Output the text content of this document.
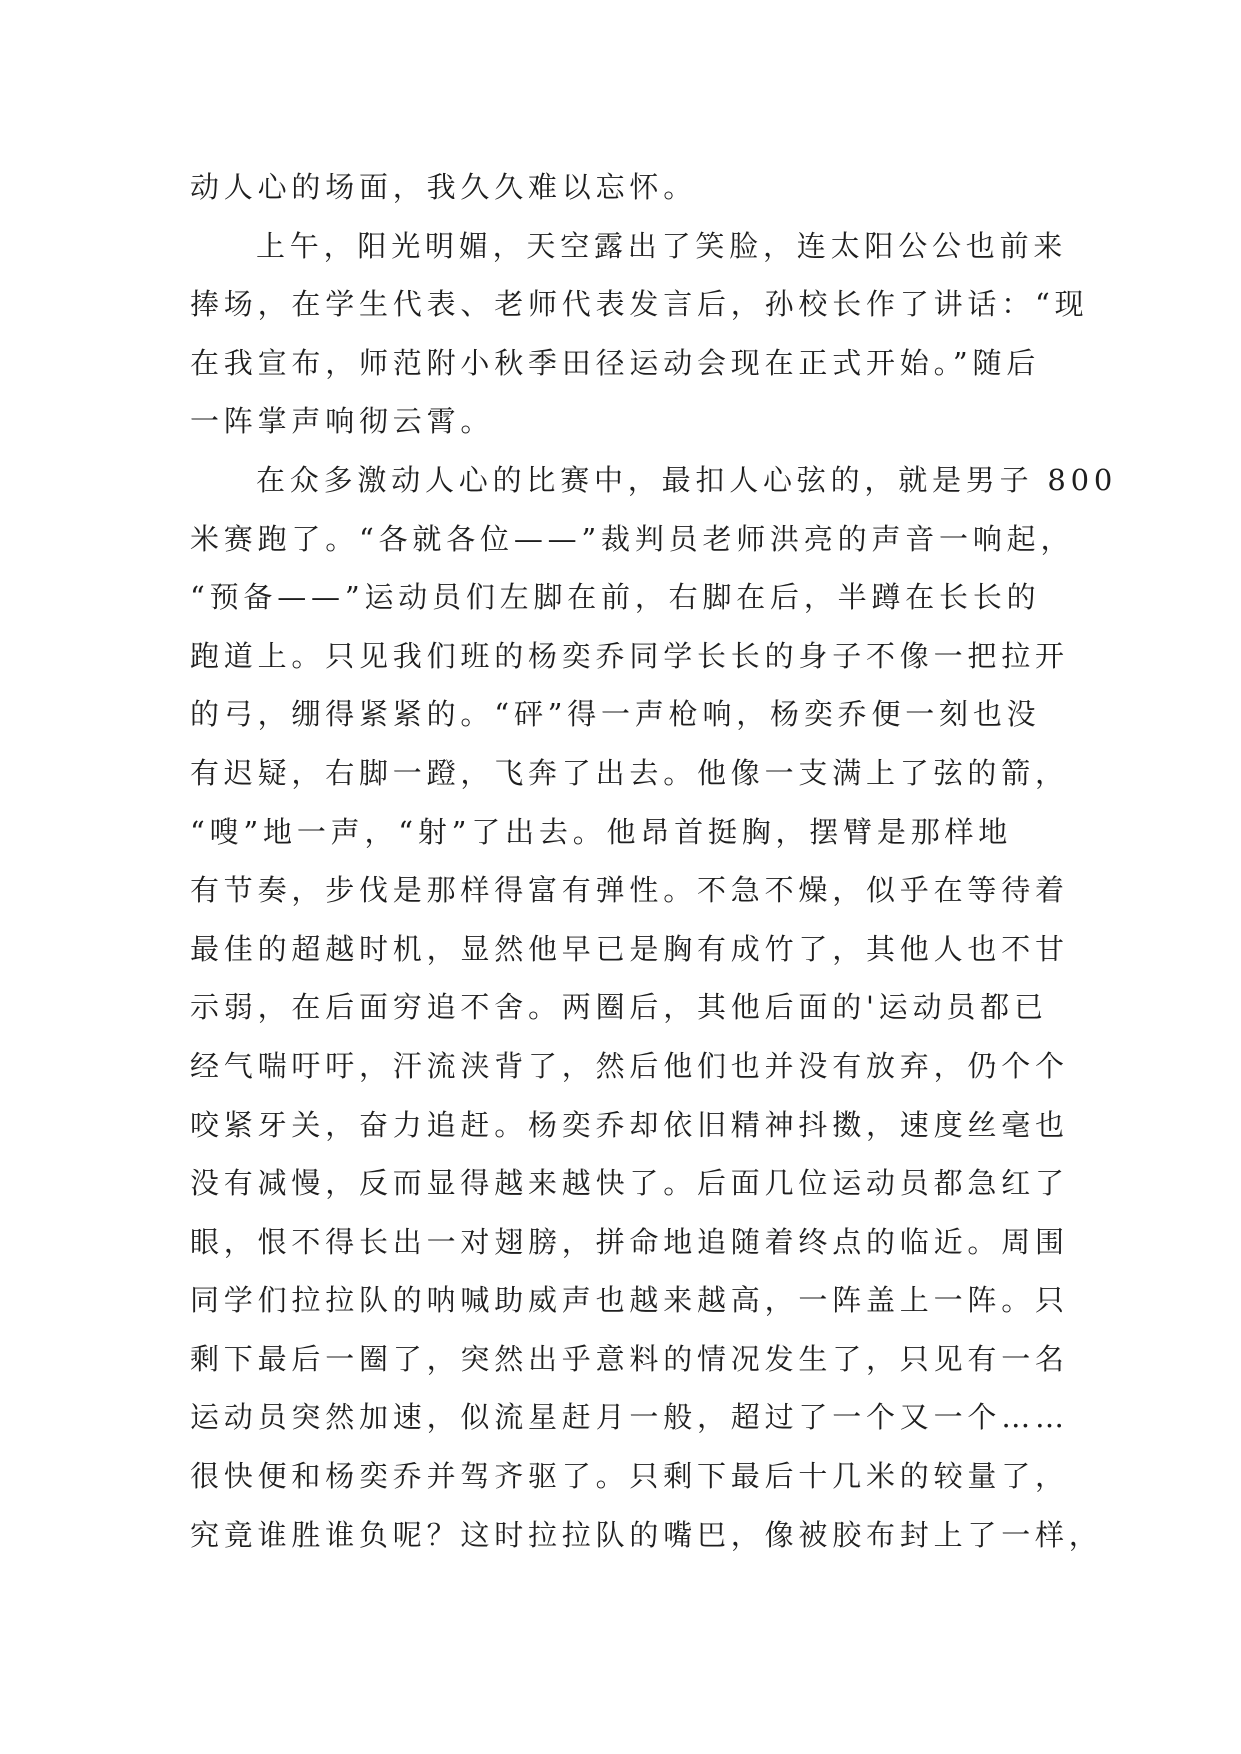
动人心的场面，我久久难以忘怀。
上午，阳光明媚，天空露出了笑脸，连太阳公公也前来
捧场，在学生代表、老师代表发言后，孙校长作了讲话：“现
在我宣布，师范附小秋季田径运动会现在正式开始。”随后
一阵掌声响彻云霄。
在众多激动人心的比赛中，最扣人心弦的，就是男子 800
米赛跑了。“各就各位——”裁判员老师洪亮的声音一响起，
“预备——”运动员们左脚在前，右脚在后，半蹲在长长的
跑道上。只见我们班的杨奕乔同学长长的身子不像一把拉开
的弓，绷得紧紧的。“砰”得一声枪响，杨奕乔便一刻也没
有迟疑，右脚一蹬，飞奔了出去。他像一支满上了弦的箭，
“嗖”地一声，“射”了出去。他昂首挺胸，摆臂是那样地
有节奏，步伐是那样得富有弹性。不急不燥，似乎在等待着
最佳的超越时机，显然他早已是胸有成竹了，其他人也不甘
示弱，在后面穷追不舍。两圈后，其他后面的'运动员都已
经气喘吁吁，汗流浃背了，然后他们也并没有放弃，仍个个
咬紧牙关，奋力追赶。杨奕乔却依旧精神抖擞，速度丝毫也
没有减慢，反而显得越来越快了。后面几位运动员都急红了
眼，恨不得长出一对翅膀，拼命地追随着终点的临近。周围
同学们拉拉队的呐喊助威声也越来越高，一阵盖上一阵。只
剩下最后一圈了，突然出乎意料的情况发生了，只见有一名
运动员突然加速，似流星赶月一般，超过了一个又一个……
很快便和杨奕乔并驾齐驱了。只剩下最后十几米的较量了，
究竟谁胜谁负呢？这时拉拉队的嘴巴，像被胶布封上了一样，
